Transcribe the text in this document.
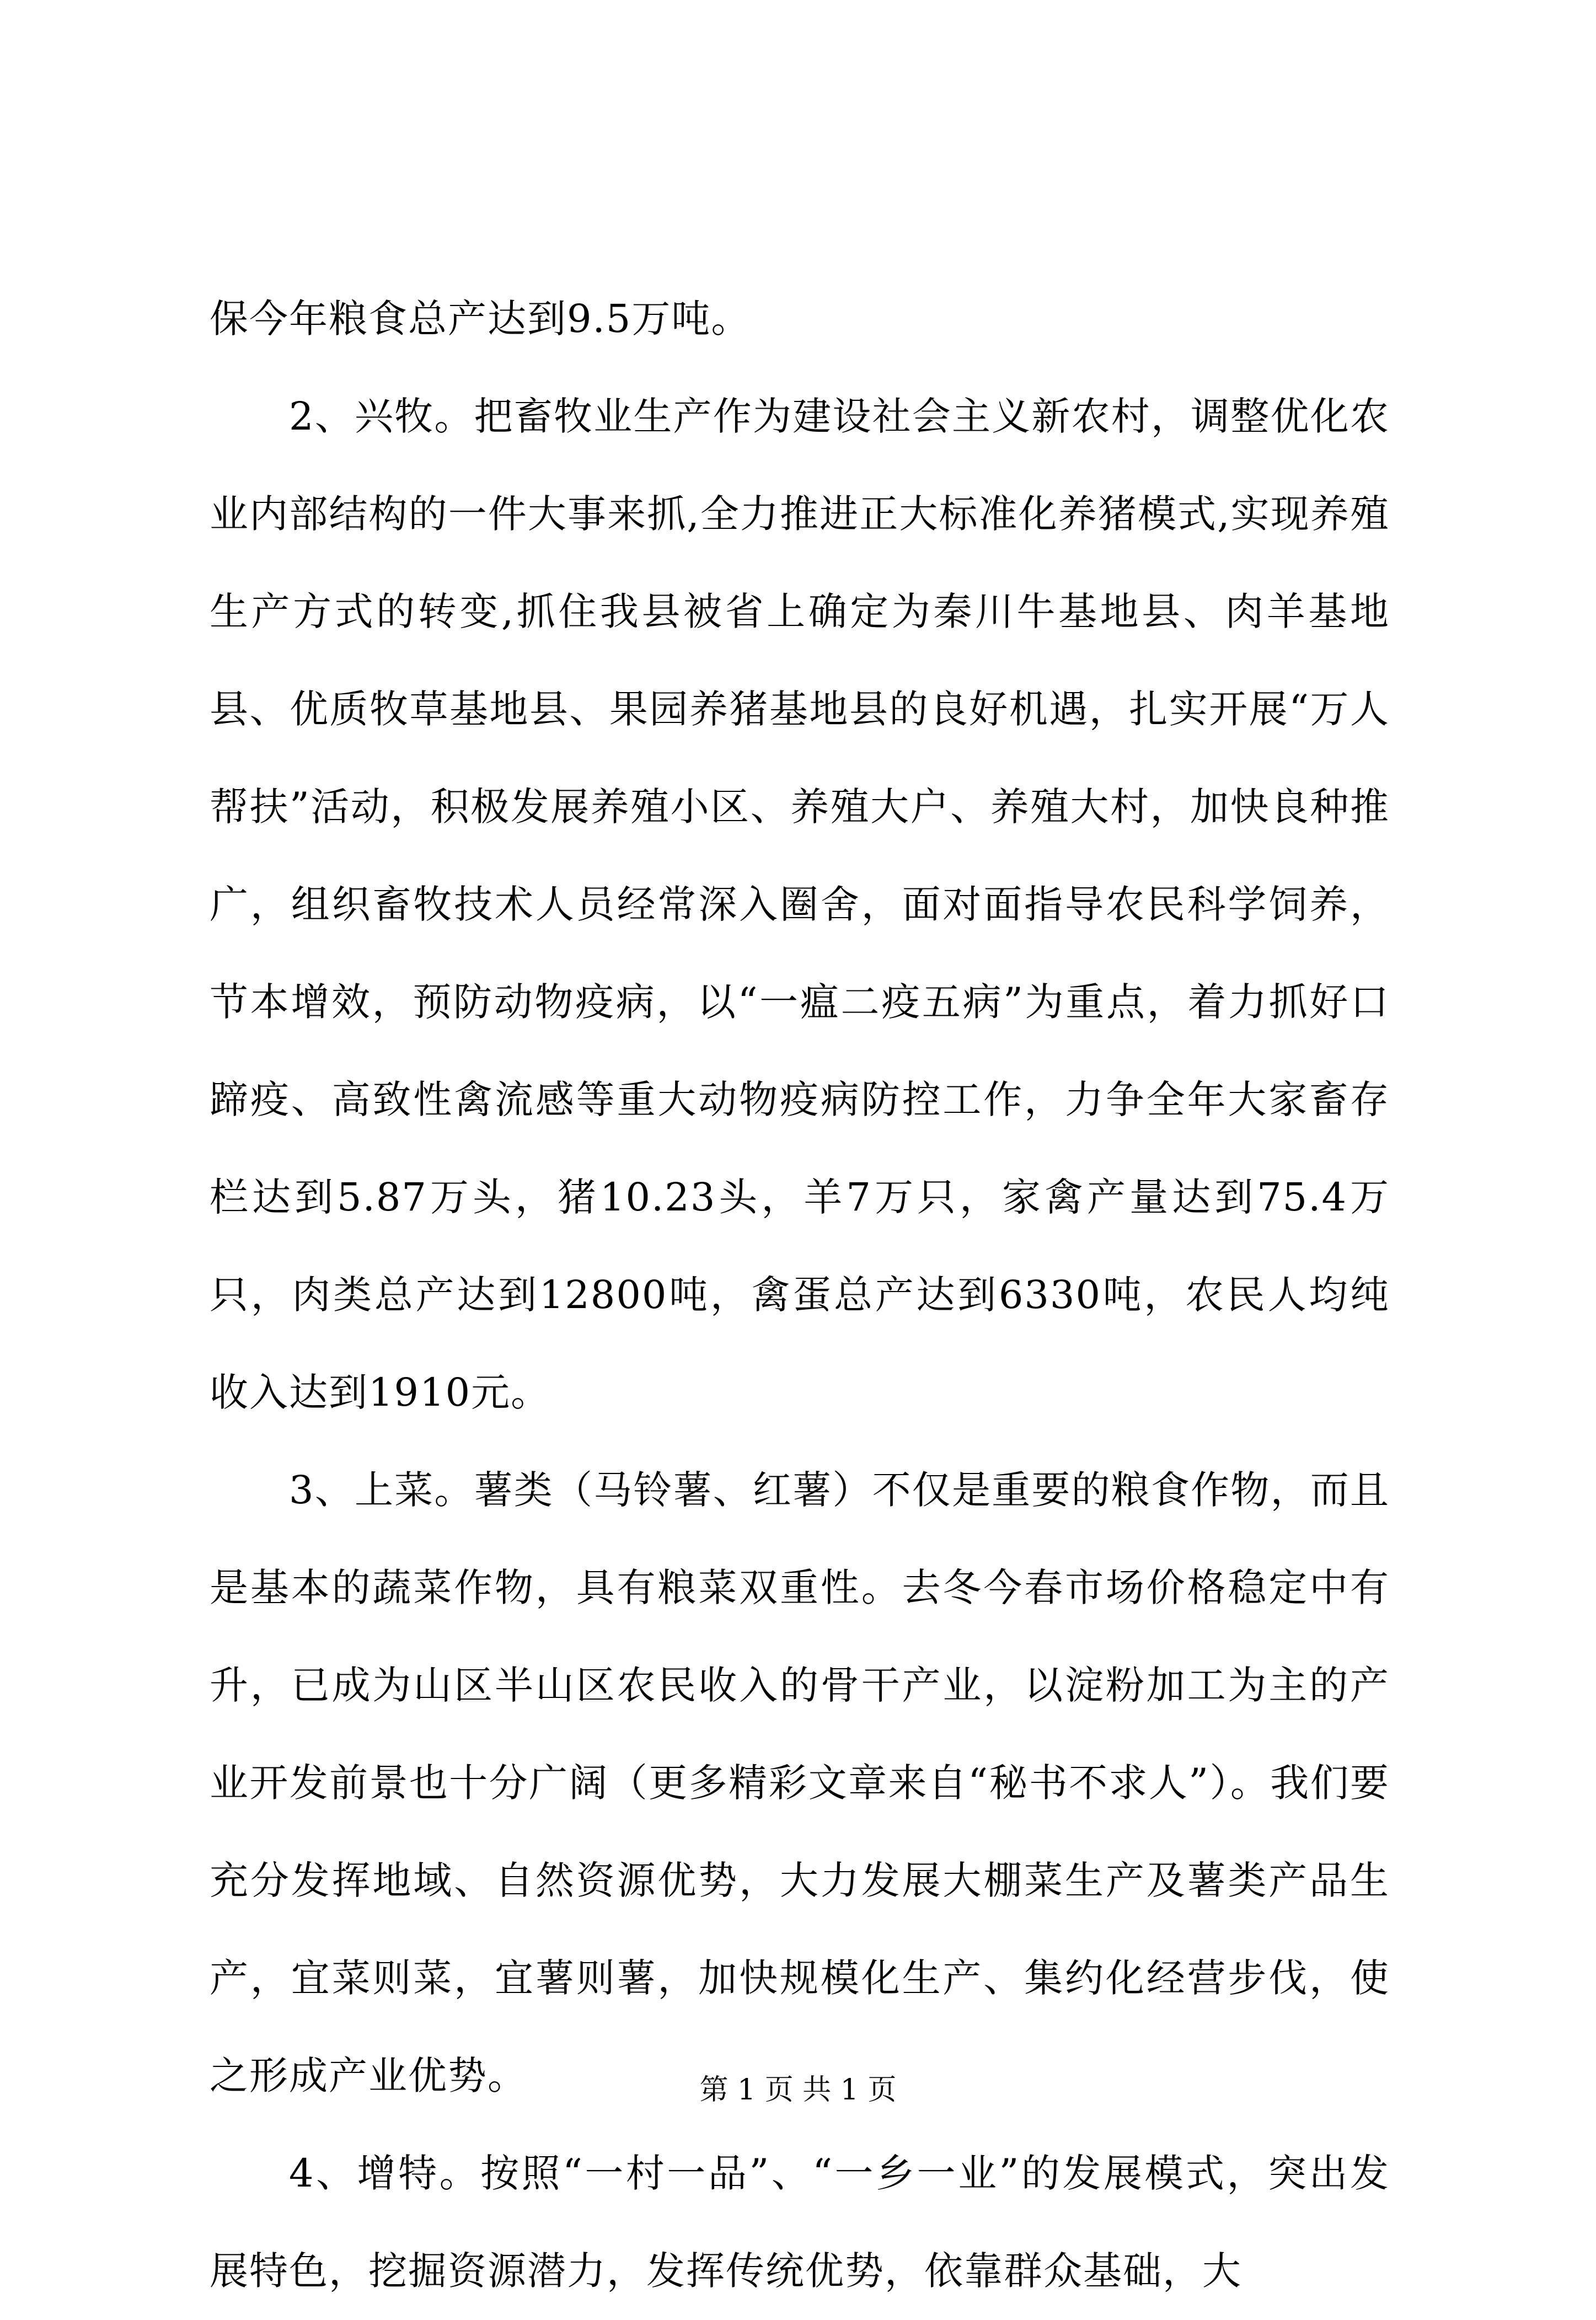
保今年粮食总产达到9.5万吨。

2、兴牧。把畜牧业生产作为建设社会主义新农村，调整优化农业内部结构的一件大事来抓,全力推进正大标准化养猪模式,实现养殖生产方式的转变,抓住我县被省上确定为秦川牛基地县、肉羊基地县、优质牧草基地县、果园养猪基地县的良好机遇，扎实开展“万人帮扶”活动，积极发展养殖小区、养殖大户、养殖大村，加快良种推广，组织畜牧技术人员经常深入圈舍，面对面指导农民科学饲养，节本增效，预防动物疫病，以“一瘟二疫五病”为重点，着力抓好口蹄疫、高致性禽流感等重大动物疫病防控工作，力争全年大家畜存栏达到5.87万头，猪10.23头，羊7万只，家禽产量达到75.4万只，肉类总产达到12800吨，禽蛋总产达到6330吨，农民人均纯收入达到1910元。

3、上菜。薯类（马铃薯、红薯）不仅是重要的粮食作物，而且是基本的蔬菜作物，具有粮菜双重性。去冬今春市场价格稳定中有升，已成为山区半山区农民收入的骨干产业，以淀粉加工为主的产业开发前景也十分广阔（更多精彩文章来自“秘书不求人”）。我们要充分发挥地域、自然资源优势，大力发展大棚菜生产及薯类产品生产，宜菜则菜，宜薯则薯，加快规模化生产、集约化经营步伐，使之形成产业优势。

4、增特。按照“一村一品”、“一乡一业”的发展模式，突出发展特色，挖掘资源潜力，发挥传统优势，依靠群众基础，大

第 1 页 共 1 页
